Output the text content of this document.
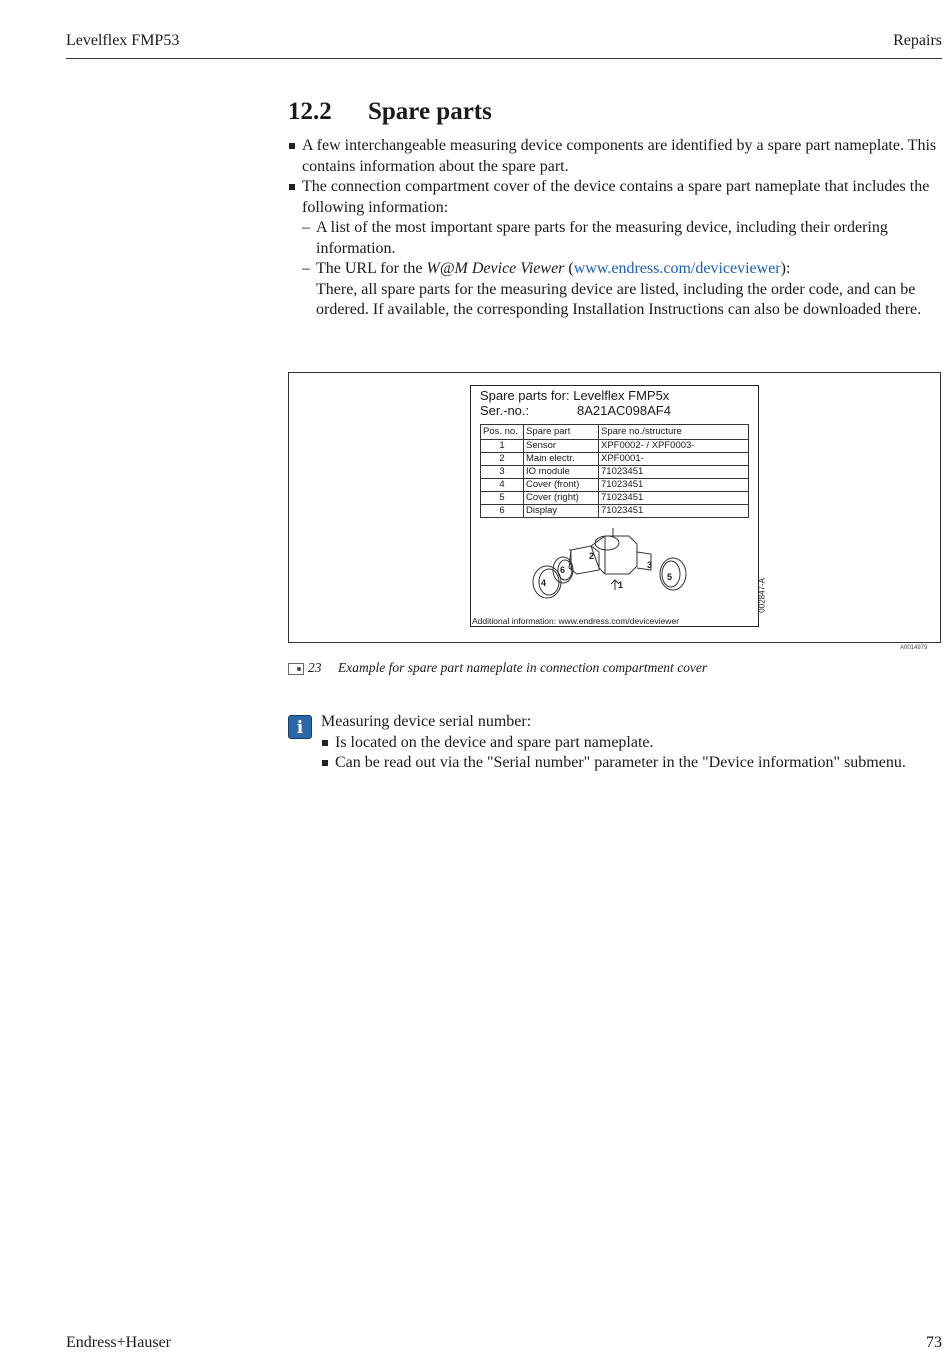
Levelflex FMP53	Repairs
12.2 Spare parts
A few interchangeable measuring device components are identified by a spare part nameplate. This contains information about the spare part.
The connection compartment cover of the device contains a spare part nameplate that includes the following information:
– A list of the most important spare parts for the measuring device, including their ordering information.
– The URL for the W@M Device Viewer (www.endress.com/deviceviewer):
There, all spare parts for the measuring device are listed, including the order code, and can be ordered. If available, the corresponding Installation Instructions can also be downloaded there.
Spare parts for: Levelflex FMP5x
Ser.-no.:	8A21AC098AF4
Pos. no.	Spare part	Spare no./structure
1	Sensor	XPF0002- / XPF0003-
2	Main electr.	XPF0001-
3	IO module	71023451
4	Cover (front)	71023451
5	Cover (right)	71023451
6	Display	71023451
2
3
4
5
6
1	002847-A
Additional information: www.endress.com/deviceviewer
A0014979
23 Example for spare part nameplate in connection compartment cover
i	Measuring device serial number:
Is located on the device and spare part nameplate.
Can be read out via the "Serial number" parameter in the "Device information" submenu.
Endress+Hauser	73
